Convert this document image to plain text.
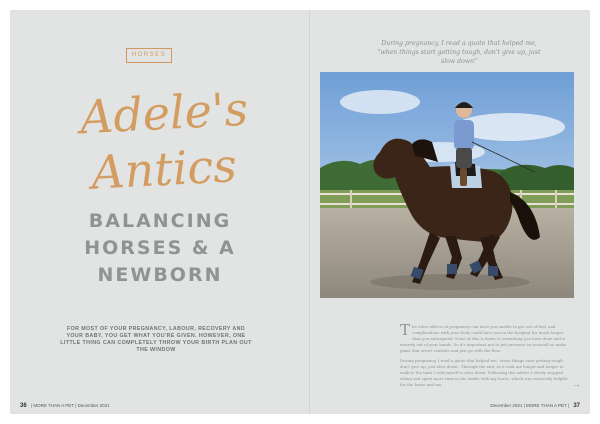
HORSES
Adele's
Antics
BALANCING
HORSES & A
NEWBORN
FOR MOST OF YOUR PREGNANCY, LABOUR, RECOVERY AND YOUR BABY, YOU GET WHAT YOU'RE GIVEN. HOWEVER, ONE LITTLE THING CAN COMPLETELY THROW YOUR BIRTH PLAN OUT THE WINDOW
36 | MORE THAN A PET | December 2021
During pregnancy, I read a quote that helped me, "when things start getting tough, don't give up, just slow down"

The other effects of pregnancy can have you unable to get out of bed, and complications with your body could have you in the hospital for much longer than you anticipated. None of this is down to something you have done and is entirely out of your hands. So it's important not to put pressure on yourself or make plans that aren't realistic and just go with the flow.

During pregnancy, I read a quote that helped me, 'when things start getting tough, don't give up, just slow down'. Through the end, as it took me longer and longer to walk to the barn I told myself to slow down. Following this advice I slowly stopped riding and spent more time in the stable with my horse, which was massively helpful for the horse and me.	→
December 2021 | MORE THAN A PET | 37
